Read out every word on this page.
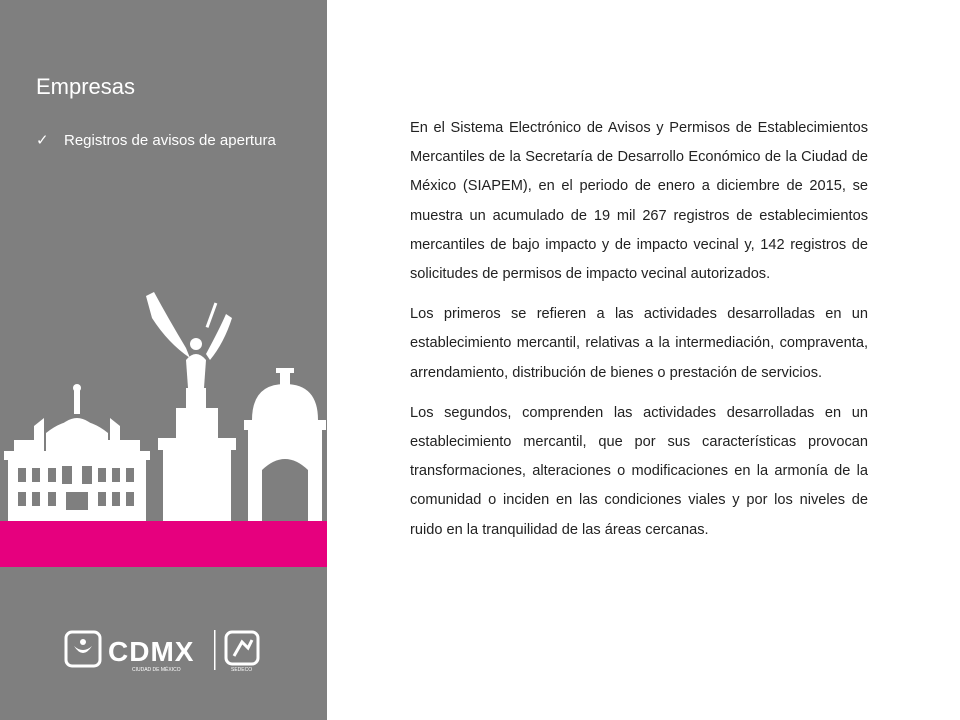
Empresas
✓	Registros de avisos de apertura
CDMX
CIUDAD DE MÉXICO	SEDECO

En el Sistema Electrónico de Avisos y Permisos de Establecimientos Mercantiles de la Secretaría de Desarrollo Económico de la Ciudad de México (SIAPEM), en el periodo de enero a diciembre de 2015, se muestra un acumulado de 19 mil 267 registros de establecimientos mercantiles de bajo impacto y de impacto vecinal y, 142 registros de solicitudes de permisos de impacto vecinal autorizados.

Los primeros se refieren a las actividades desarrolladas en un establecimiento mercantil, relativas a la intermediación, compraventa, arrendamiento, distribución de bienes o prestación de servicios.

Los segundos, comprenden las actividades desarrolladas en un establecimiento mercantil, que por sus características provocan transformaciones, alteraciones o modificaciones en la armonía de la comunidad o inciden en las condiciones viales y por los niveles de ruido en la tranquilidad de las áreas cercanas.
